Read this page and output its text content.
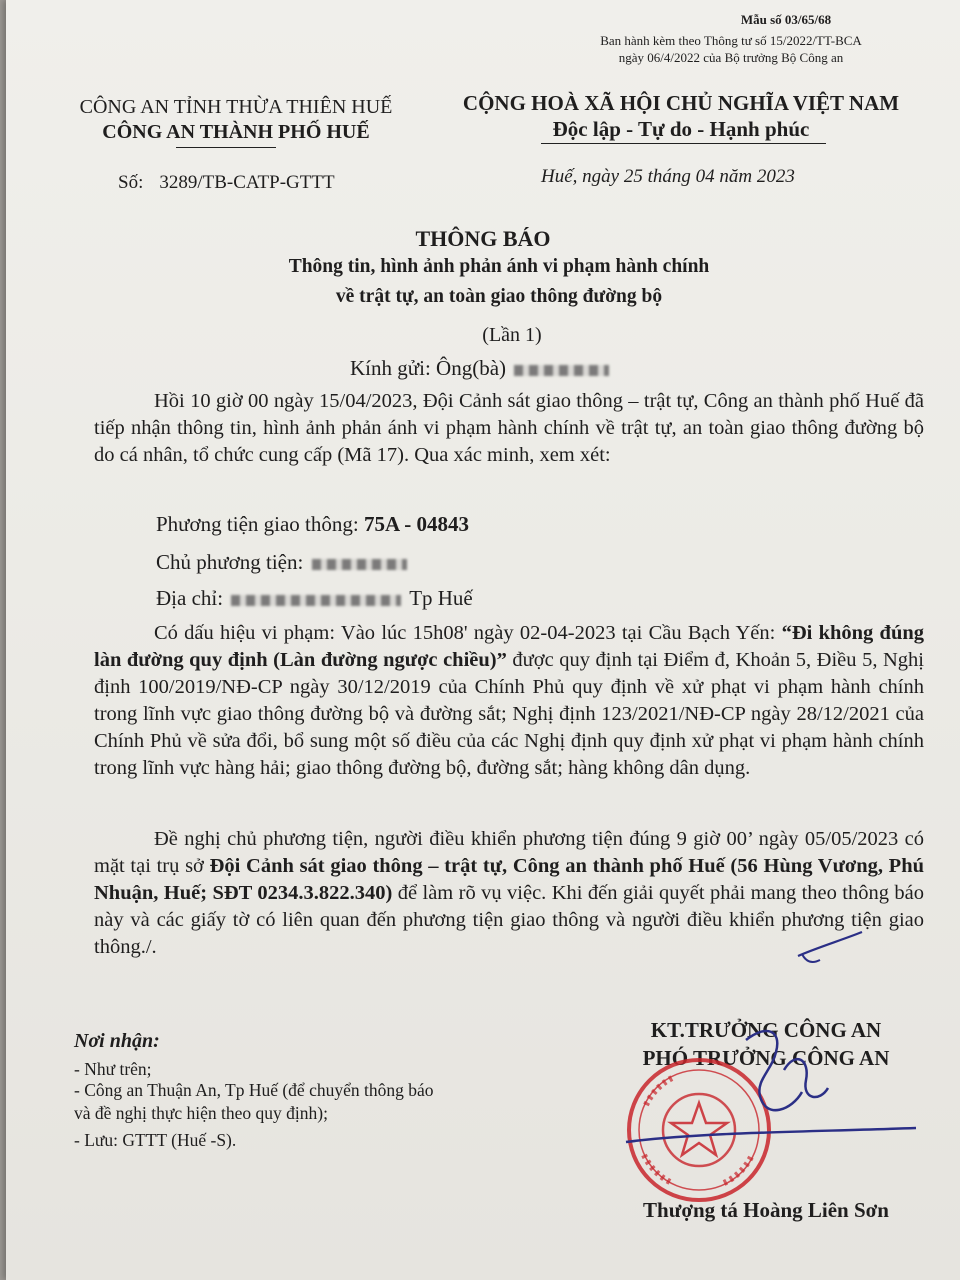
Mẫu số 03/65/68
Ban hành kèm theo Thông tư số 15/2022/TT-BCA
ngày 06/4/2022 của Bộ trưởng Bộ Công an
CÔNG AN TỈNH THỪA THIÊN HUẾ
CÔNG AN THÀNH PHỐ HUẾ
CỘNG HOÀ XÃ HỘI CHỦ NGHĨA VIỆT NAM
Độc lập - Tự do - Hạnh phúc
Số: 3289/TB-CATP-GTTT	Huế, ngày 25 tháng 04 năm 2023
THÔNG BÁO
Thông tin, hình ảnh phản ánh vi phạm hành chính
về trật tự, an toàn giao thông đường bộ
(Lần 1)
Kính gửi: Ông(bà)
Hồi 10 giờ 00 ngày 15/04/2023, Đội Cảnh sát giao thông – trật tự, Công an thành phố Huế đã tiếp nhận thông tin, hình ảnh phản ánh vi phạm hành chính về trật tự, an toàn giao thông đường bộ do cá nhân, tổ chức cung cấp (Mã 17). Qua xác minh, xem xét:
Phương tiện giao thông: 75A - 04843
Chủ phương tiện:
Địa chỉ:	Tp Huế
Có dấu hiệu vi phạm: Vào lúc 15h08' ngày 02-04-2023 tại Cầu Bạch Yến: “Đi không đúng làn đường quy định (Làn đường ngược chiều)” được quy định tại Điểm đ, Khoản 5, Điều 5, Nghị định 100/2019/NĐ-CP ngày 30/12/2019 của Chính Phủ quy định về xử phạt vi phạm hành chính trong lĩnh vực giao thông đường bộ và đường sắt; Nghị định 123/2021/NĐ-CP ngày 28/12/2021 của Chính Phủ về sửa đổi, bổ sung một số điều của các Nghị định quy định xử phạt vi phạm hành chính trong lĩnh vực hàng hải; giao thông đường bộ, đường sắt; hàng không dân dụng.
Đề nghị chủ phương tiện, người điều khiển phương tiện đúng 9 giờ 00’ ngày 05/05/2023 có mặt tại trụ sở Đội Cảnh sát giao thông – trật tự, Công an thành phố Huế (56 Hùng Vương, Phú Nhuận, Huế; SĐT 0234.3.822.340) để làm rõ vụ việc. Khi đến giải quyết phải mang theo thông báo này và các giấy tờ có liên quan đến phương tiện giao thông và người điều khiển phương tiện giao thông./.
Nơi nhận:
- Như trên;
- Công an Thuận An, Tp Huế (để chuyển thông báo
và đề nghị thực hiện theo quy định);
- Lưu: GTTT (Huế -S).
KT.TRƯỞNG CÔNG AN
PHÓ TRƯỞNG CÔNG AN
Thượng tá Hoàng Liên Sơn
